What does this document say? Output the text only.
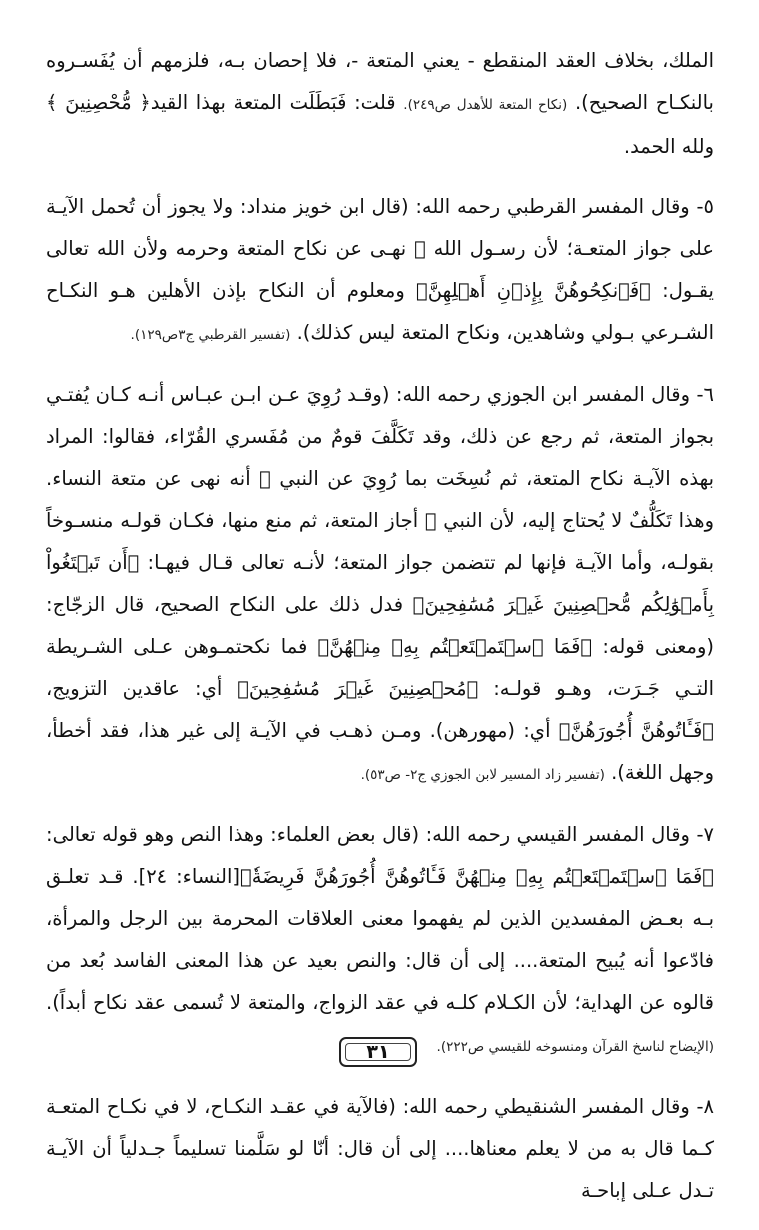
الملك، بخلاف العقد المنقطع - يعني المتعة -، فلا إحصان بـه، فلزمهم أن يُفَسـروه بالنكـاح الصحيح). (نكاح المتعة للأهدل ص٢٤٩). قلت: فَبَطَلَت المتعة بهذا القيد﴿ مُّحْصِنِينَ ﴾ ولله الحمد.

٥- وقال المفسر القرطبي رحمه الله: (قال ابن خويز منداد: ولا يجوز أن تُحمل الآيـة على جواز المتعـة؛ لأن رسـول الله ﷺ نهـى عن نكاح المتعة وحرمه ولأن الله تعالى يقـول: ﴿فَٱنكِحُوهُنَّ بِإِذۡنِ أَهۡلِهِنَّ﴾ ومعلوم أن النكاح بإذن الأهلين هـو النكـاح الشـرعي بـولي وشاهدين، ونكاح المتعة ليس كذلك). (تفسير القرطبي ج٣ص١٢٩).

٦- وقال المفسر ابن الجوزي رحمه الله: (وقـد رُوِيَ عـن ابـن عبـاس أنـه كـان يُفتـي بجواز المتعة، ثم رجع عن ذلك، وقد تَكَلَّفَ قومٌ من مُفَسري القُرّاء، فقالوا: المراد بهذه الآيـة نكاح المتعة، ثم نُسِخَت بما رُوِيَ عن النبي ﷺ أنه نهى عن متعة النساء. وهذا تَكَلُّفٌ لا يُحتاج إليه، لأن النبي ﷺ أجاز المتعة، ثم منع منها، فكـان قولـه منسـوخاً بقولـه، وأما الآيـة فإنها لم تتضمن جواز المتعة؛ لأنـه تعالى قـال فيهـا: ﴿أَن تَبۡتَغُواْ بِأَمۡوَٰلِكُم مُّحۡصِنِينَ غَيۡرَ مُسَٰفِحِينَ﴾ فدل ذلك على النكاح الصحيح، قال الزجّاج: (ومعنى قوله: ﴿فَمَا ٱسۡتَمۡتَعۡتُم بِهِۦ مِنۡهُنَّ﴾ فما نكحتمـوهن عـلى الشـريطة التـي جَـرَت، وهـو قولـه: ﴿مُحۡصِنِينَ غَيۡرَ مُسَٰفِحِينَ﴾ أي: عاقدين التزويج، ﴿فَـَٔاتُوهُنَّ أُجُورَهُنَّ﴾ أي: (مهورهن). ومـن ذهـب في الآيـة إلى غير هذا، فقد أخطأ، وجهل اللغة). (تفسير زاد المسير لابن الجوزي ج٢- ص٥٣).

٧- وقال المفسر القيسي رحمه الله: (قال بعض العلماء: وهذا النص وهو قوله تعالى: ﴿فَمَا ٱسۡتَمۡتَعۡتُم بِهِۦ مِنۡهُنَّ فَـَٔاتُوهُنَّ أُجُورَهُنَّ فَرِيضَةٗ﴾[النساء: ٢٤]. قـد تعلـق بـه بعـض المفسدين الذين لم يفهموا معنى العلاقات المحرمة بين الرجل والمرأة، فادّعوا أنه يُبيح المتعة.... إلى أن قال: والنص بعيد عن هذا المعنى الفاسد بُعد من قالوه عن الهداية؛ لأن الكـلام كلـه في عقد الزواج، والمتعة لا تُسمى عقد نكاح أبداً). (الإيضاح لناسخ القرآن ومنسوخه للقيسي ص٢٢٢).

٨- وقال المفسر الشنقيطي رحمه الله: (فالآية في عقـد النكـاح، لا في نكـاح المتعـة كـما قال به من لا يعلم معناها.... إلى أن قال: أنّا لو سَلَّمنا تسليماً جـدلياً أن الآيـة تـدل عـلى إباحـة

٣١
